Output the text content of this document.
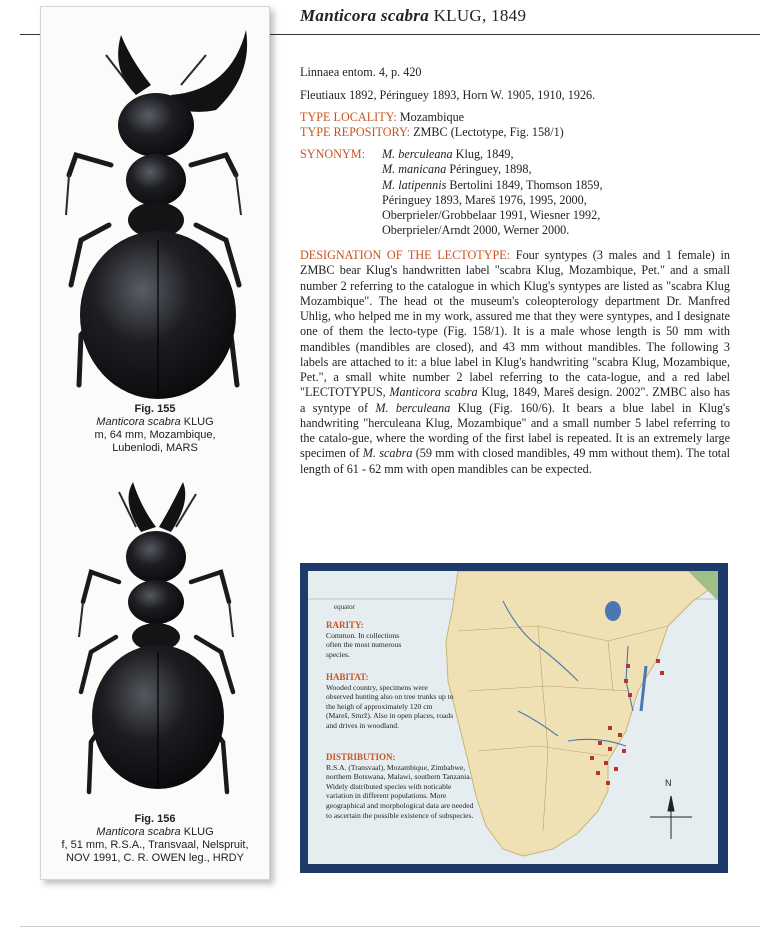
Manticora scabra KLUG, 1849
Fig. 155
Manticora scabra KLUG
m, 64 mm, Mozambique,
Lubenlodi, MARS
Fig. 156
Manticora scabra KLUG
f, 51 mm, R.S.A., Transvaal, Nelspruit,
NOV 1991, C. R. OWEN leg., HRDY
Linnaea entom. 4, p. 420
Fleutiaux 1892, Péringuey 1893, Horn W. 1905, 1910, 1926.
TYPE LOCALITY: Mozambique
TYPE REPOSITORY: ZMBC (Lectotype, Fig. 158/1)
SYNONYM: M. berculeana Klug, 1849,
M. manicana Péringuey, 1898,
M. latipennis Bertolini 1849, Thomson 1859,
Péringuey 1893, Mareš 1976, 1995, 2000,
Oberprieler/Grobbelaar 1991, Wiesner 1992,
Oberprieler/Arndt 2000, Werner 2000.
DESIGNATION OF THE LECTOTYPE: Four syntypes (3 males and 1 female) in ZMBC bear Klug's handwritten label "scabra Klug, Mozambique, Pet." and a small number 2 referring to the catalogue in which Klug's syntypes are listed as "scabra Klug Mozambique". The head ot the museum's coleopterology department Dr. Manfred Uhlig, who helped me in my work, assured me that they were syntypes, and I designate one of them the lecto-type (Fig. 158/1). It is a male whose length is 50 mm with mandibles (mandibles are closed), and 43 mm without mandibles. The following 3 labels are attached to it: a blue label in Klug's handwriting "scabra Klug, Mozambique, Pet.", a small white number 2 label referring to the cata-logue, and a red label "LECTOTYPUS, Manticora scabra Klug, 1849, Mareš design. 2002". ZMBC also has a syntype of M. berculeana Klug (Fig. 160/6). It bears a blue label in Klug's handwriting "herculeana Klug, Mozambique" and a small number 5 label referring to the catalo-gue, where the wording of the first label is repeated. It is an extremely large specimen of M. scabra (59 mm with closed mandibles, 49 mm without them). The total length of 61 - 62 mm with open mandibles can be expected.
equator
RARITY:
Common. In collections often the most numerous species.
HABITAT:
Wooded country, specimens were observed hunting also on tree trunks up to the heigh of approximately 120 cm (Mareš, Smrž). Also in open places, roads and drives in woodland.
DISTRIBUTION:
R.S.A. (Transvaal), Mozambique, Zimbabwe, northern Botswana, Malawi, southern Tanzania. Widely distributed species with noticable variation in different populations. More geographical and morphological data are needed to ascertain the possible existence of subspecies.
N
